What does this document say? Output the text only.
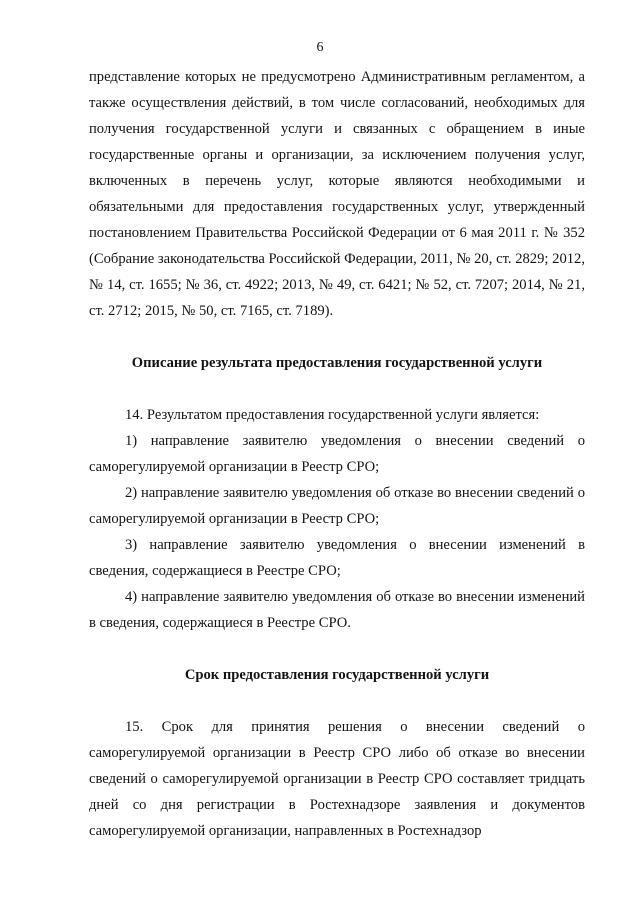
6

представление которых не предусмотрено Административным регламентом, а также осуществления действий, в том числе согласований, необходимых для получения государственной услуги и связанных с обращением в иные государственные органы и организации, за исключением получения услуг, включенных в перечень услуг, которые являются необходимыми и обязательными для предоставления государственных услуг, утвержденный постановлением Правительства Российской Федерации от 6 мая 2011 г. № 352 (Собрание законодательства Российской Федерации, 2011, № 20, ст. 2829; 2012, № 14, ст. 1655; № 36, ст. 4922; 2013, № 49, ст. 6421; № 52, ст. 7207; 2014, № 21, ст. 2712; 2015, № 50, ст. 7165, ст. 7189).

Описание результата предоставления государственной услуги

14. Результатом предоставления государственной услуги является:

1) направление заявителю уведомления о внесении сведений о саморегулируемой организации в Реестр СРО;

2) направление заявителю уведомления об отказе во внесении сведений о саморегулируемой организации в Реестр СРО;

3) направление заявителю уведомления о внесении изменений в сведения, содержащиеся в Реестре СРО;

4) направление заявителю уведомления об отказе во внесении изменений в сведения, содержащиеся в Реестре СРО.

Срок предоставления государственной услуги

15. Срок для принятия решения о внесении сведений о саморегулируемой организации в Реестр СРО либо об отказе во внесении сведений о саморегулируемой организации в Реестр СРО составляет тридцать дней со дня регистрации в Ростехнадзоре заявления и документов саморегулируемой организации, направленных в Ростехнадзор
